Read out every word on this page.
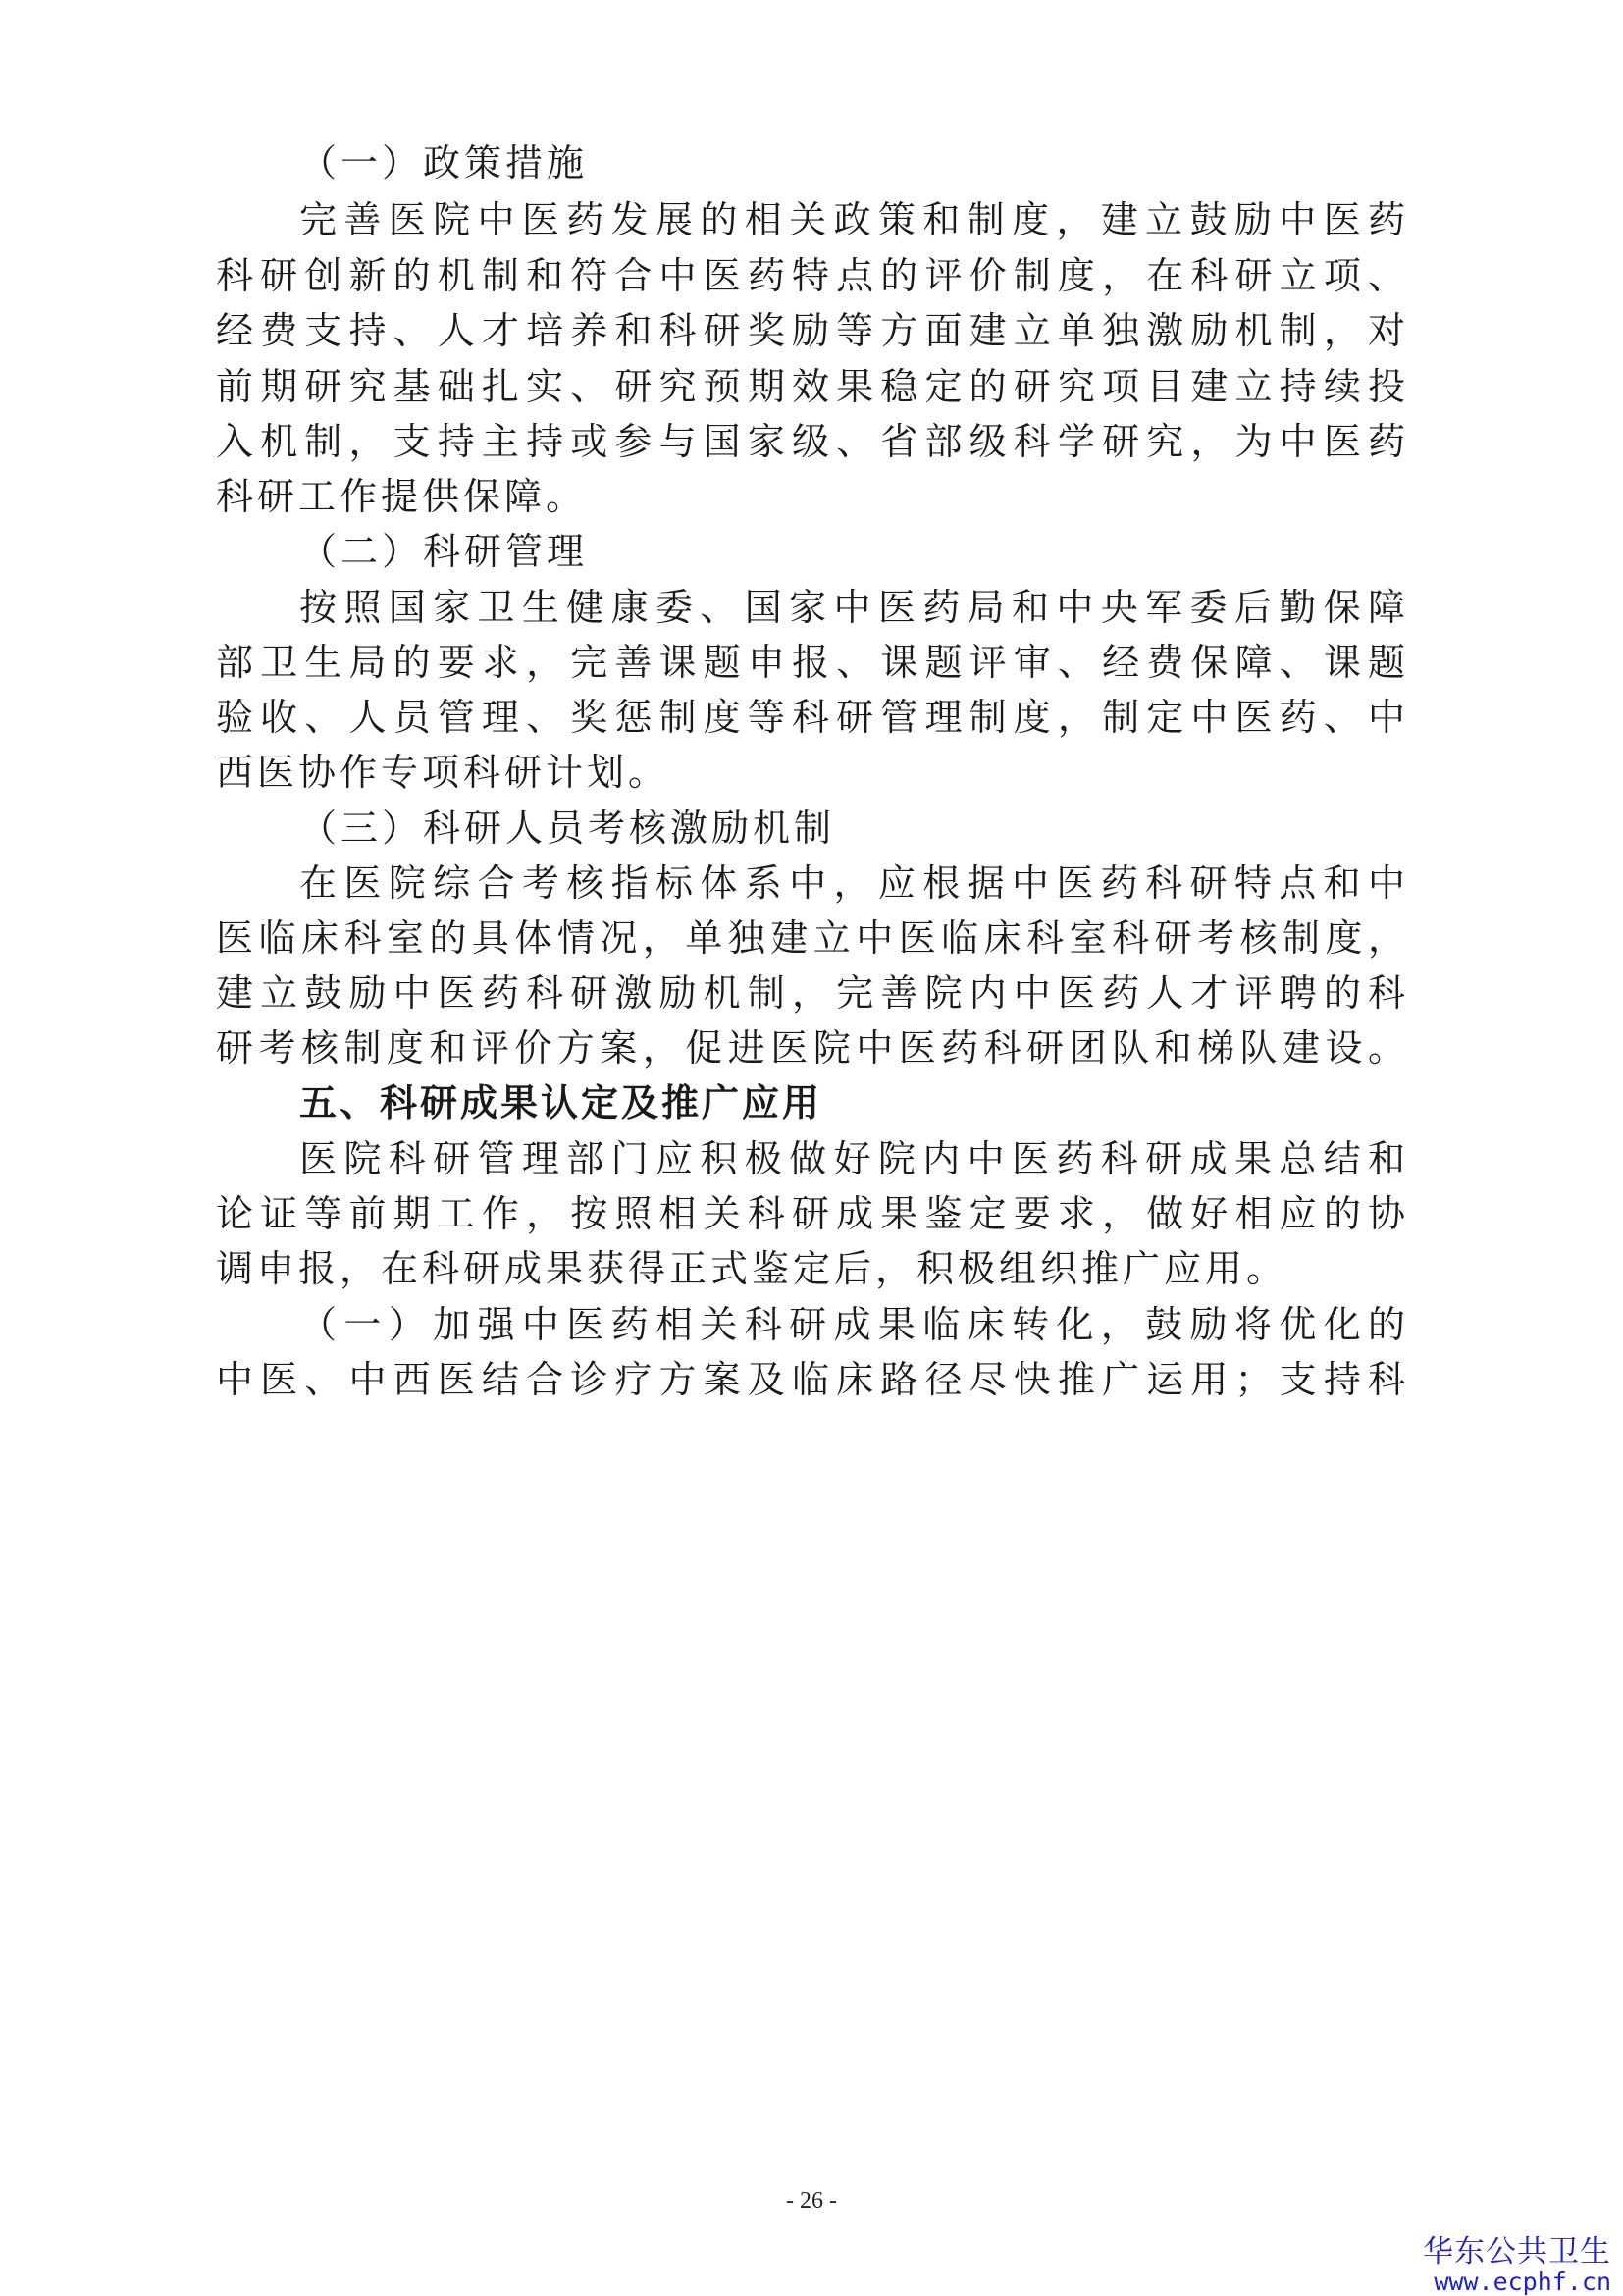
（一）政策措施
完善医院中医药发展的相关政策和制度，建立鼓励中医药
科研创新的机制和符合中医药特点的评价制度，在科研立项、
经费支持、人才培养和科研奖励等方面建立单独激励机制，对
前期研究基础扎实、研究预期效果稳定的研究项目建立持续投
入机制，支持主持或参与国家级、省部级科学研究，为中医药
科研工作提供保障。
（二）科研管理
按照国家卫生健康委、国家中医药局和中央军委后勤保障
部卫生局的要求，完善课题申报、课题评审、经费保障、课题
验收、人员管理、奖惩制度等科研管理制度，制定中医药、中
西医协作专项科研计划。
（三）科研人员考核激励机制
在医院综合考核指标体系中，应根据中医药科研特点和中
医临床科室的具体情况，单独建立中医临床科室科研考核制度，
建立鼓励中医药科研激励机制，完善院内中医药人才评聘的科
研考核制度和评价方案，促进医院中医药科研团队和梯队建设。
五、科研成果认定及推广应用
医院科研管理部门应积极做好院内中医药科研成果总结和
论证等前期工作，按照相关科研成果鉴定要求，做好相应的协
调申报，在科研成果获得正式鉴定后，积极组织推广应用。
（一）加强中医药相关科研成果临床转化，鼓励将优化的
中医、中西医结合诊疗方案及临床路径尽快推广运用；支持科
- 26 -
华东公共卫生
www.ecphf.cn
